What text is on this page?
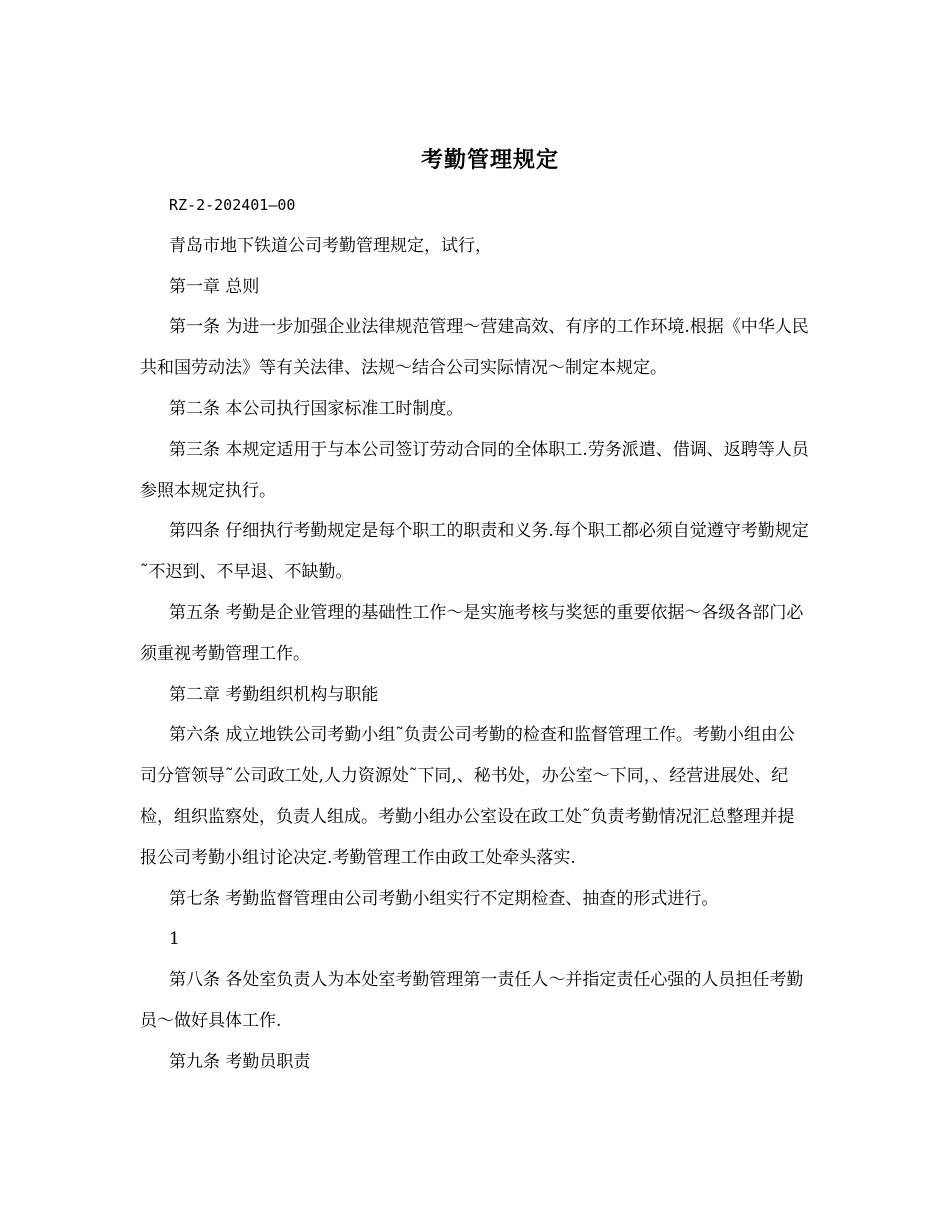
考勤管理规定

RZ-2-202401—00

青岛市地下铁道公司考勤管理规定，试行，

第一章 总则

第一条 为进一步加强企业法律规范管理～营建高效、有序的工作环境.根据《中华人民共和国劳动法》等有关法律、法规～结合公司实际情况～制定本规定。

第二条 本公司执行国家标准工时制度。

第三条 本规定适用于与本公司签订劳动合同的全体职工.劳务派遣、借调、返聘等人员参照本规定执行。

第四条 仔细执行考勤规定是每个职工的职责和义务.每个职工都必须自觉遵守考勤规定˜不迟到、不早退、不缺勤。

第五条 考勤是企业管理的基础性工作～是实施考核与奖惩的重要依据～各级各部门必须重视考勤管理工作。

第二章 考勤组织机构与职能

第六条 成立地铁公司考勤小组˜负责公司考勤的检查和监督管理工作。考勤小组由公司分管领导˜公司政工处,人力资源处˜下同,、秘书处，办公室～下同，、经营进展处、纪检，组织监察处，负责人组成。考勤小组办公室设在政工处˜负责考勤情况汇总整理并提报公司考勤小组讨论决定.考勤管理工作由政工处牵头落实.

第七条 考勤监督管理由公司考勤小组实行不定期检查、抽查的形式进行。

1

第八条 各处室负责人为本处室考勤管理第一责任人～并指定责任心强的人员担任考勤员～做好具体工作.

第九条 考勤员职责
